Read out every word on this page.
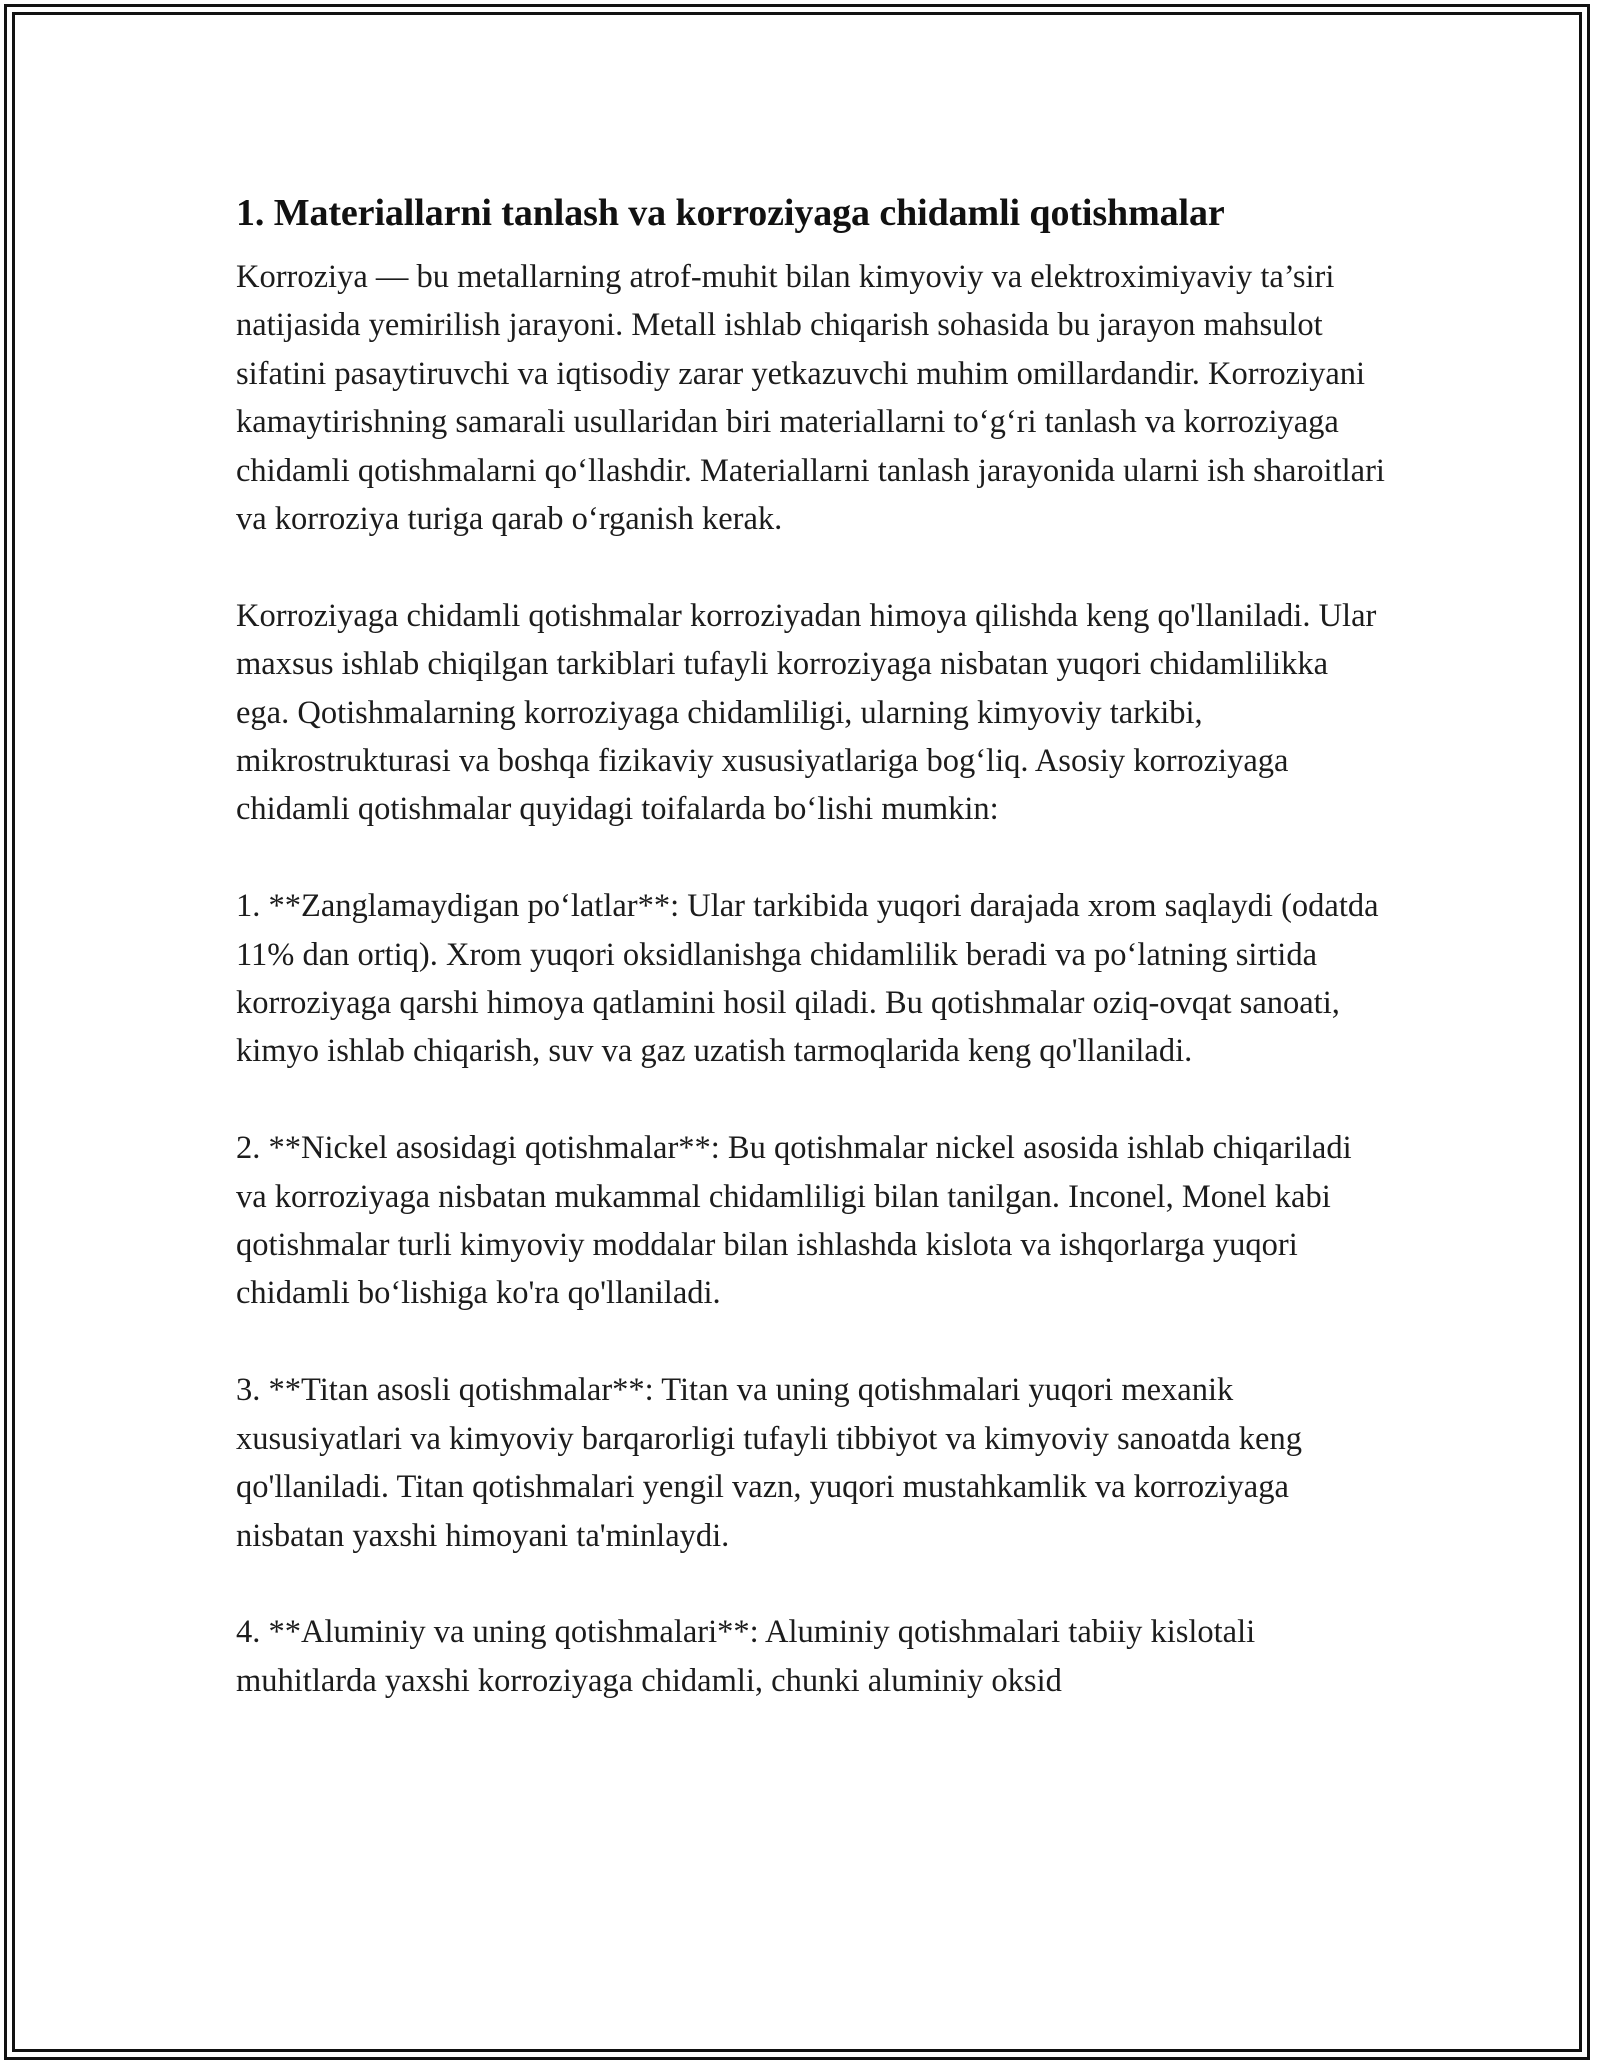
1. Materiallarni tanlash va korroziyaga chidamli qotishmalar

Korroziya — bu metallarning atrof-muhit bilan kimyoviy va elektroximiyaviy ta’siri natijasida yemirilish jarayoni. Metall ishlab chiqarish sohasida bu jarayon mahsulot sifatini pasaytiruvchi va iqtisodiy zarar yetkazuvchi muhim omillardandir. Korroziyani kamaytirishning samarali usullaridan biri materiallarni to‘g‘ri tanlash va korroziyaga chidamli qotishmalarni qo‘llashdir. Materiallarni tanlash jarayonida ularni ish sharoitlari va korroziya turiga qarab o‘rganish kerak.

Korroziyaga chidamli qotishmalar korroziyadan himoya qilishda keng qo'llaniladi. Ular maxsus ishlab chiqilgan tarkiblari tufayli korroziyaga nisbatan yuqori chidamlilikka ega. Qotishmalarning korroziyaga chidamliligi, ularning kimyoviy tarkibi, mikrostrukturasi va boshqa fizikaviy xususiyatlariga bog‘liq. Asosiy korroziyaga chidamli qotishmalar quyidagi toifalarda bo‘lishi mumkin:

1. **Zanglamaydigan po‘latlar**: Ular tarkibida yuqori darajada xrom saqlaydi (odatda 11% dan ortiq). Xrom yuqori oksidlanishga chidamlilik beradi va po‘latning sirtida korroziyaga qarshi himoya qatlamini hosil qiladi. Bu qotishmalar oziq-ovqat sanoati, kimyo ishlab chiqarish, suv va gaz uzatish tarmoqlarida keng qo'llaniladi.

2. **Nickel asosidagi qotishmalar**: Bu qotishmalar nickel asosida ishlab chiqariladi va korroziyaga nisbatan mukammal chidamliligi bilan tanilgan. Inconel, Monel kabi qotishmalar turli kimyoviy moddalar bilan ishlashda kislota va ishqorlarga yuqori chidamli bo‘lishiga ko'ra qo'llaniladi.

3. **Titan asosli qotishmalar**: Titan va uning qotishmalari yuqori mexanik xususiyatlari va kimyoviy barqarorligi tufayli tibbiyot va kimyoviy sanoatda keng qo'llaniladi. Titan qotishmalari yengil vazn, yuqori mustahkamlik va korroziyaga nisbatan yaxshi himoyani ta'minlaydi.

4. **Aluminiy va uning qotishmalari**: Aluminiy qotishmalari tabiiy kislotali muhitlarda yaxshi korroziyaga chidamli, chunki aluminiy oksid
